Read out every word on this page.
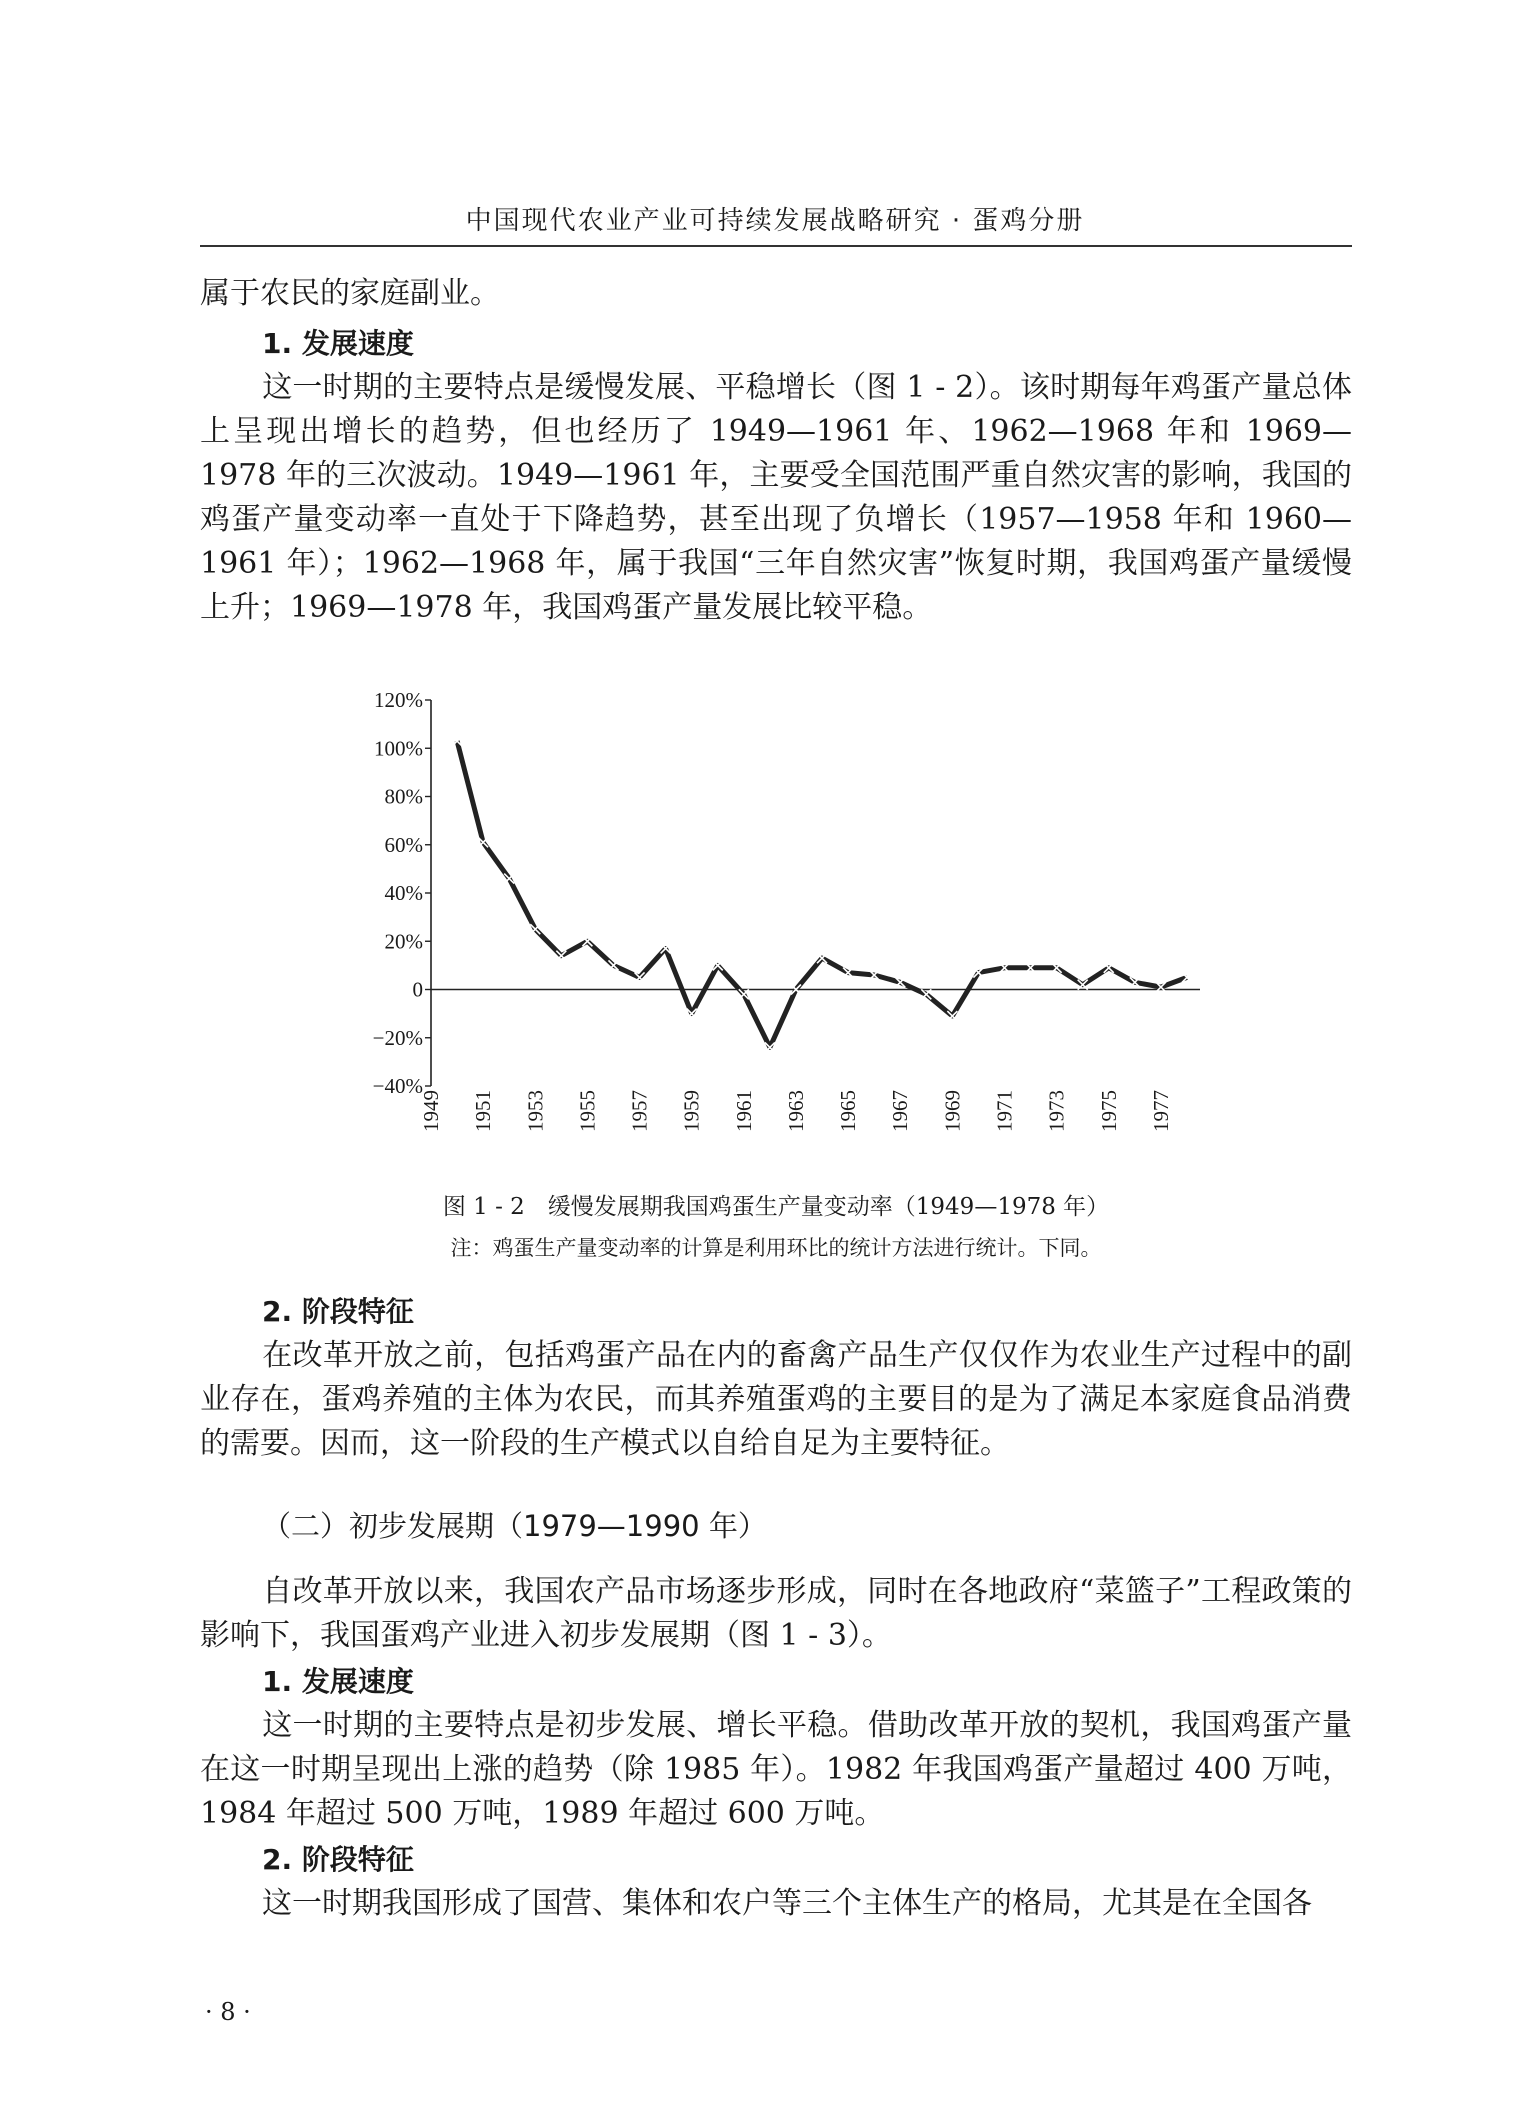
中国现代农业产业可持续发展战略研究 · 蛋鸡分册

属于农民的家庭副业。

1. 发展速度

这一时期的主要特点是缓慢发展、平稳增长（图 1 - 2）。该时期每年鸡蛋产量总体上呈现出增长的趋势，但也经历了 1949—1961 年、1962—1968 年和 1969—1978 年的三次波动。1949—1961 年，主要受全国范围严重自然灾害的影响，我国的鸡蛋产量变动率一直处于下降趋势，甚至出现了负增长（1957—1958 年和 1960—1961 年）；1962—1968 年，属于我国“三年自然灾害”恢复时期，我国鸡蛋产量缓慢上升；1969—1978 年，我国鸡蛋产量发展比较平稳。

120%
100%
80%
60%
40%
20%
0
−20%
−40%
1949 1951 1953 1955 1957 1959 1961 1963 1965 1967 1969 1971 1973 1975 1977
图 1 - 2　缓慢发展期我国鸡蛋生产量变动率（1949—1978 年）
注：鸡蛋生产量变动率的计算是利用环比的统计方法进行统计。下同。

2. 阶段特征

在改革开放之前，包括鸡蛋产品在内的畜禽产品生产仅仅作为农业生产过程中的副业存在，蛋鸡养殖的主体为农民，而其养殖蛋鸡的主要目的是为了满足本家庭食品消费的需要。因而，这一阶段的生产模式以自给自足为主要特征。

（二）初步发展期（1979—1990 年）

自改革开放以来，我国农产品市场逐步形成，同时在各地政府“菜篮子”工程政策的影响下，我国蛋鸡产业进入初步发展期（图 1 - 3）。

1. 发展速度

这一时期的主要特点是初步发展、增长平稳。借助改革开放的契机，我国鸡蛋产量在这一时期呈现出上涨的趋势（除 1985 年）。1982 年我国鸡蛋产量超过 400 万吨，1984 年超过 500 万吨，1989 年超过 600 万吨。

2. 阶段特征

这一时期我国形成了国营、集体和农户等三个主体生产的格局，尤其是在全国各

· 8 ·
